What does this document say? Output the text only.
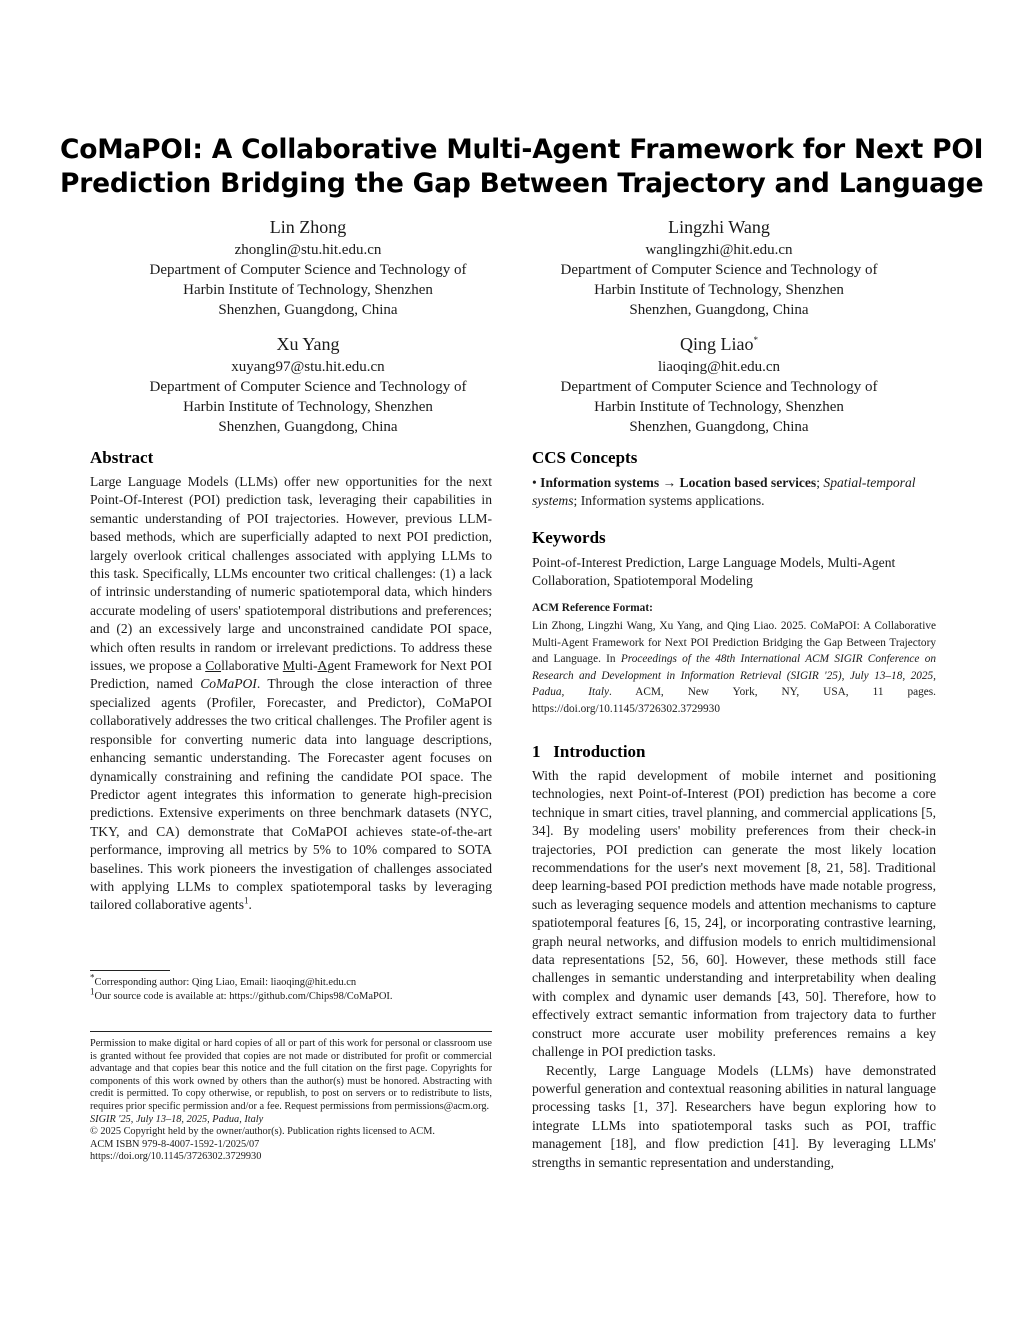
CoMaPOI: A Collaborative Multi-Agent Framework for Next POI
Prediction Bridging the Gap Between Trajectory and Language
Lin Zhong
zhonglin@stu.hit.edu.cn
Department of Computer Science and Technology of
Harbin Institute of Technology, Shenzhen
Shenzhen, Guangdong, China
Lingzhi Wang
wanglingzhi@hit.edu.cn
Department of Computer Science and Technology of
Harbin Institute of Technology, Shenzhen
Shenzhen, Guangdong, China
Xu Yang
xuyang97@stu.hit.edu.cn
Department of Computer Science and Technology of
Harbin Institute of Technology, Shenzhen
Shenzhen, Guangdong, China
Qing Liao*
liaoqing@hit.edu.cn
Department of Computer Science and Technology of
Harbin Institute of Technology, Shenzhen
Shenzhen, Guangdong, China
Abstract
Large Language Models (LLMs) offer new opportunities for the next Point-Of-Interest (POI) prediction task, leveraging their capabilities in semantic understanding of POI trajectories. However, previous LLM-based methods, which are superficially adapted to next POI prediction, largely overlook critical challenges associated with applying LLMs to this task. Specifically, LLMs encounter two critical challenges: (1) a lack of intrinsic understanding of numeric spatiotemporal data, which hinders accurate modeling of users' spatiotemporal distributions and preferences; and (2) an excessively large and unconstrained candidate POI space, which often results in random or irrelevant predictions. To address these issues, we propose a Collaborative Multi-Agent Framework for Next POI Prediction, named CoMaPOI. Through the close interaction of three specialized agents (Profiler, Forecaster, and Predictor), CoMaPOI collaboratively addresses the two critical challenges. The Profiler agent is responsible for converting numeric data into language descriptions, enhancing semantic understanding. The Forecaster agent focuses on dynamically constraining and refining the candidate POI space. The Predictor agent integrates this information to generate high-precision predictions. Extensive experiments on three benchmark datasets (NYC, TKY, and CA) demonstrate that CoMaPOI achieves state-of-the-art performance, improving all metrics by 5% to 10% compared to SOTA baselines. This work pioneers the investigation of challenges associated with applying LLMs to complex spatiotemporal tasks by leveraging tailored collaborative agents$^1$.
*Corresponding author: Qing Liao, Email: liaoqing@hit.edu.cn
$^1$Our source code is available at: https://github.com/Chips98/CoMaPOI.
Permission to make digital or hard copies of all or part of this work for personal or classroom use is granted without fee provided that copies are not made or distributed for profit or commercial advantage and that copies bear this notice and the full citation on the first page. Copyrights for components of this work owned by others than the author(s) must be honored. Abstracting with credit is permitted. To copy otherwise, or republish, to post on servers or to redistribute to lists, requires prior specific permission and/or a fee. Request permissions from permissions@acm.org.
SIGIR '25, July 13–18, 2025, Padua, Italy
© 2025 Copyright held by the owner/author(s). Publication rights licensed to ACM.
ACM ISBN 979-8-4007-1592-1/2025/07
https://doi.org/10.1145/3726302.3729930
CCS Concepts
• Information systems → Location based services; Spatial-temporal systems; Information systems applications.
Keywords
Point-of-Interest Prediction, Large Language Models, Multi-Agent Collaboration, Spatiotemporal Modeling
ACM Reference Format:
Lin Zhong, Lingzhi Wang, Xu Yang, and Qing Liao. 2025. CoMaPOI: A Collaborative Multi-Agent Framework for Next POI Prediction Bridging the Gap Between Trajectory and Language. In Proceedings of the 48th International ACM SIGIR Conference on Research and Development in Information Retrieval (SIGIR '25), July 13–18, 2025, Padua, Italy. ACM, New York, NY, USA, 11 pages. https://doi.org/10.1145/3726302.3729930
1 Introduction
With the rapid development of mobile internet and positioning technologies, next Point-of-Interest (POI) prediction has become a core technique in smart cities, travel planning, and commercial applications [5, 34]. By modeling users' mobility preferences from their check-in trajectories, POI prediction can generate the most likely location recommendations for the user's next movement [8, 21, 58]. Traditional deep learning-based POI prediction methods have made notable progress, such as leveraging sequence models and attention mechanisms to capture spatiotemporal features [6, 15, 24], or incorporating contrastive learning, graph neural networks, and diffusion models to enrich multidimensional data representations [52, 56, 60]. However, these methods still face challenges in semantic understanding and interpretability when dealing with complex and dynamic user demands [43, 50]. Therefore, how to effectively extract semantic information from trajectory data to further construct more accurate user mobility preferences remains a key challenge in POI prediction tasks.
Recently, Large Language Models (LLMs) have demonstrated powerful generation and contextual reasoning abilities in natural language processing tasks [1, 37]. Researchers have begun exploring how to integrate LLMs into spatiotemporal tasks such as POI, traffic management [18], and flow prediction [41]. By leveraging LLMs' strengths in semantic representation and understanding,
